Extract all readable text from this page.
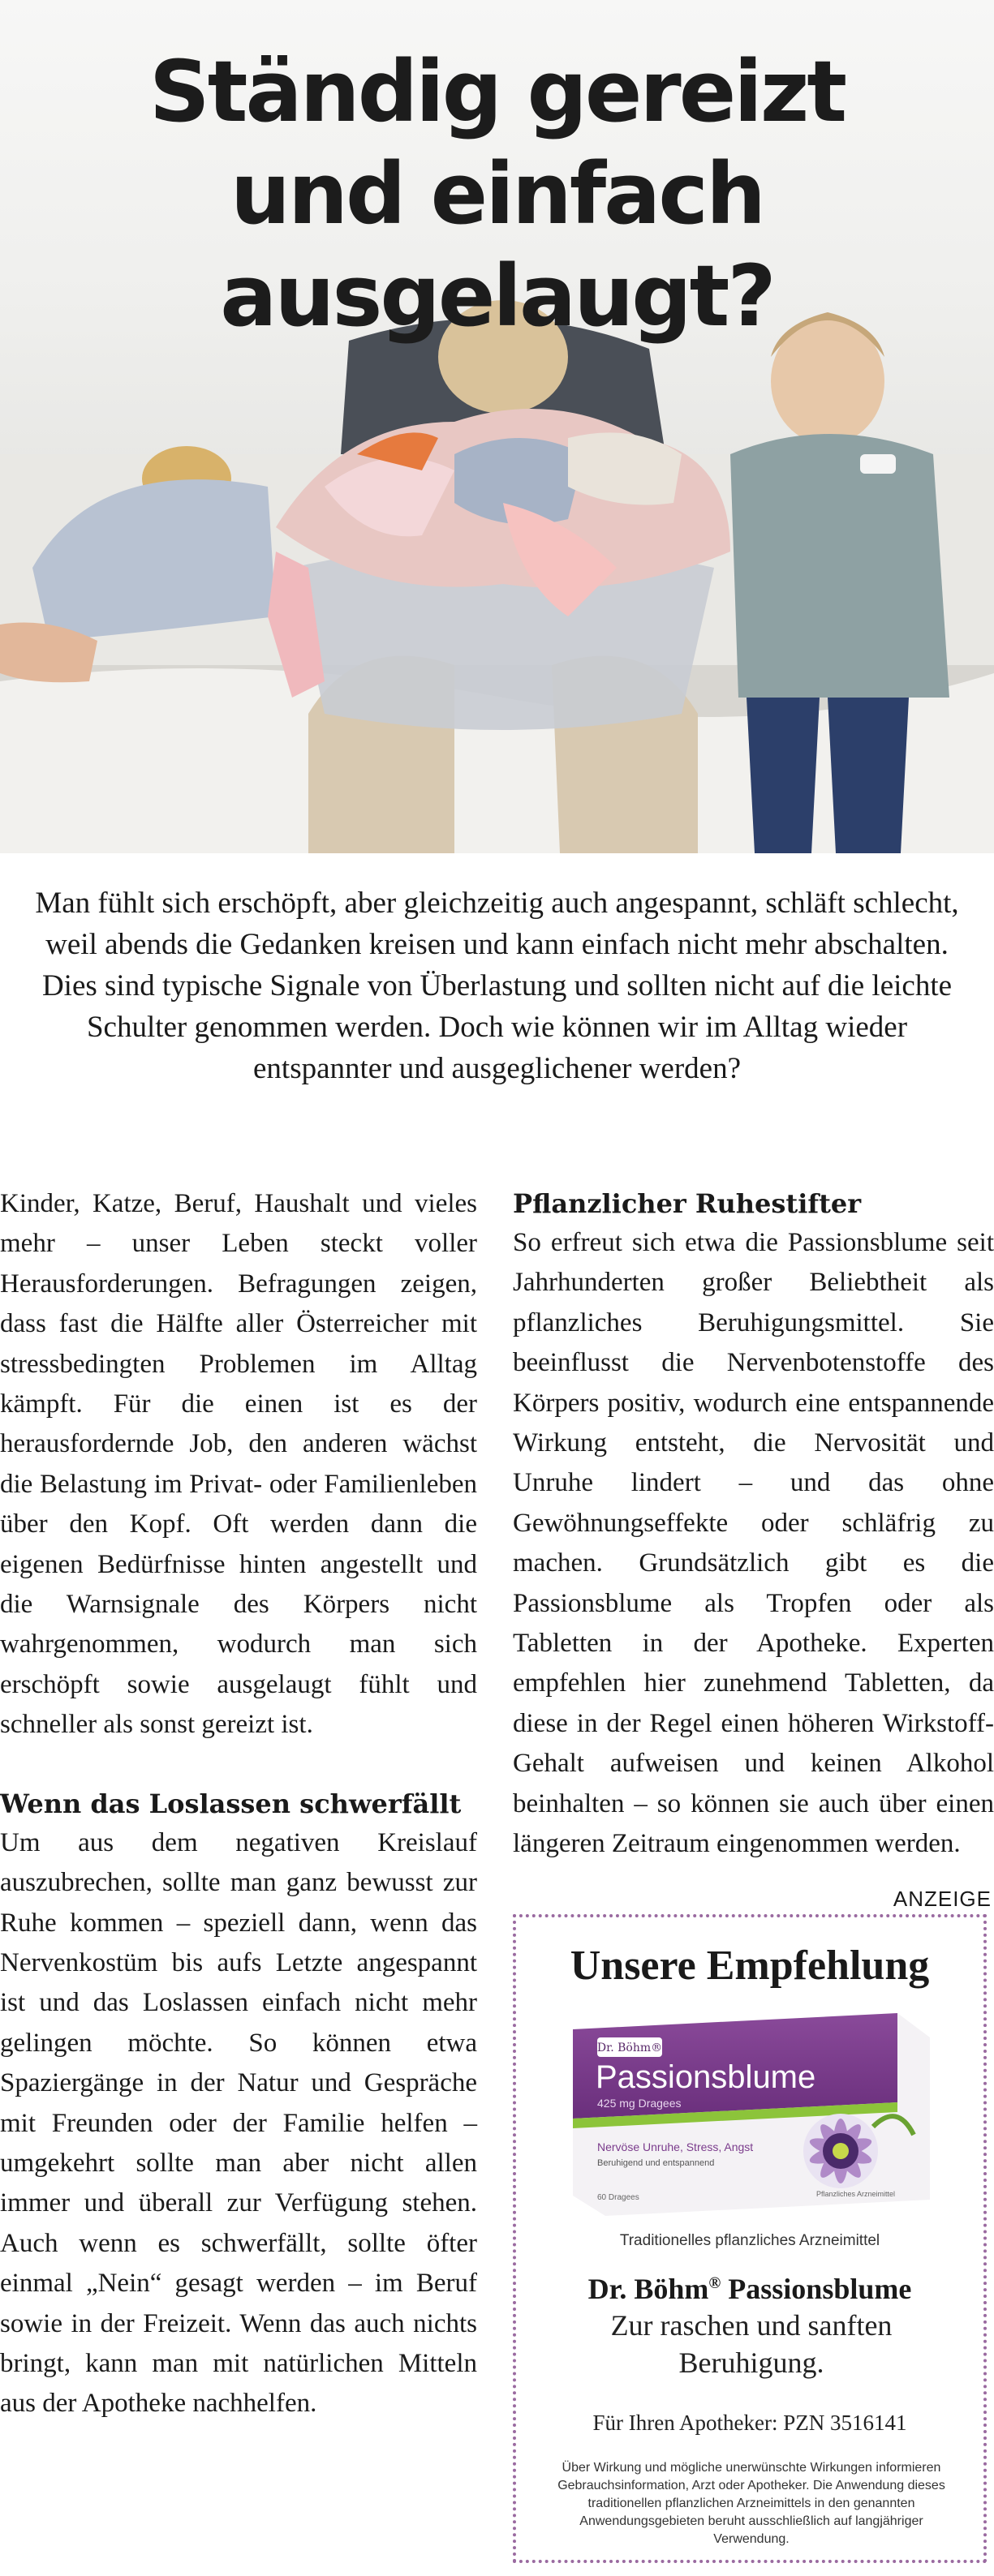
Ständig gereizt
und einfach ausgelaugt?
Man fühlt sich erschöpft, aber gleichzeitig auch angespannt, schläft schlecht, weil abends die Gedanken kreisen und kann einfach nicht mehr abschalten. Dies sind typische Signale von Überlastung und sollten nicht auf die leichte Schulter genommen werden. Doch wie können wir im Alltag wieder entspannter und ausgeglichener werden?

Kinder, Katze, Beruf, Haushalt und vieles mehr – unser Leben steckt voller Herausforderungen. Befragungen zeigen, dass fast die Hälfte aller Österreicher mit stressbedingten Problemen im Alltag kämpft. Für die einen ist es der herausfordernde Job, den anderen wächst die Belastung im Privat- oder Familienleben über den Kopf. Oft werden dann die eigenen Bedürfnisse hinten angestellt und die Warnsignale des Körpers nicht wahrgenommen, wodurch man sich erschöpft sowie ausgelaugt fühlt und schneller als sonst gereizt ist.

Wenn das Loslassen schwerfällt

Um aus dem negativen Kreislauf auszubrechen, sollte man ganz bewusst zur Ruhe kommen – speziell dann, wenn das Nervenkostüm bis aufs Letzte angespannt ist und das Loslassen einfach nicht mehr gelingen möchte. So können etwa Spaziergänge in der Natur und Gespräche mit Freunden oder der Familie helfen – umgekehrt sollte man aber nicht allen immer und überall zur Verfügung stehen. Auch wenn es schwerfällt, sollte öfter einmal „Nein“ gesagt werden – im Beruf sowie in der Freizeit. Wenn das auch nichts bringt, kann man mit natürlichen Mitteln aus der Apotheke nachhelfen.

Pflanzlicher Ruhestifter

So erfreut sich etwa die Passionsblume seit Jahrhunderten großer Beliebtheit als pflanzliches Beruhigungsmittel. Sie beeinflusst die Nervenbotenstoffe des Körpers positiv, wodurch eine entspannende Wirkung entsteht, die Nervosität und Unruhe lindert – und das ohne Gewöhnungseffekte oder schläfrig zu machen. Grundsätzlich gibt es die Passionsblume als Tropfen oder als Tabletten in der Apotheke. Experten empfehlen hier zunehmend Tabletten, da diese in der Regel einen höheren Wirkstoff-Gehalt aufweisen und keinen Alkohol beinhalten – so können sie auch über einen längeren Zeitraum eingenommen werden.

ANZEIGE
Unsere Empfehlung
Dr. Böhm®
Passionsblume
425 mg Dragees
Nervöse Unruhe, Stress, Angst
Beruhigend und entspannend
60 Dragees	Pflanzliches Arzneimittel
Traditionelles pflanzliches Arzneimittel
Dr. Böhm® Passionsblume
Zur raschen und sanften Beruhigung.
Für Ihren Apotheker: PZN 3516141
Über Wirkung und mögliche unerwünschte Wirkungen informieren Gebrauchsinformation, Arzt oder Apotheker. Die Anwendung dieses traditionellen pflanzlichen Arzneimittels in den genannten Anwendungsgebieten beruht ausschließlich auf langjähriger Verwendung.
